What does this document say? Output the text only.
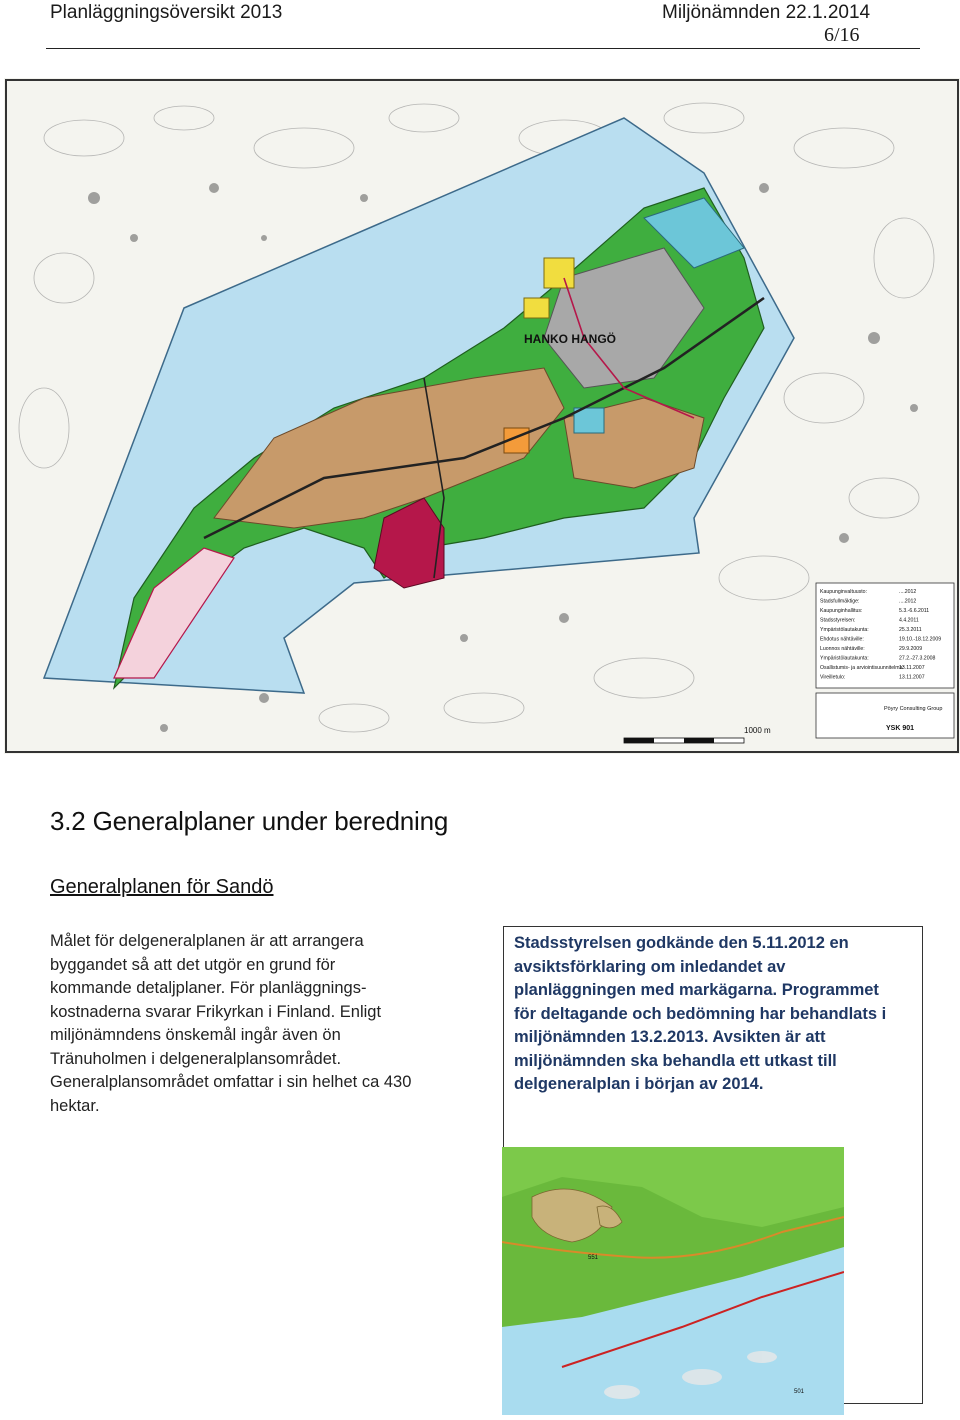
Planläggningsöversikt 2013	Miljönämnden 22.1.2014
6/16
HANKO HANGÖ
Kaupunginvaltuusto:	....2012
Stadsfullmäktige:	....2012
Kaupunginhallitus:	5.3.-6.6.2011
Stadsstyrelsen:	4.4.2011
Ympäristölautakunta:	25.3.2011
Ehdotus nähtäville:	19.10.-18.12.2009
Luonnos nähtäville:	29.9.2009
Ympäristölautakunta:	27.2.-27.3.2008
Osallistumis- ja arviointisuunnitelma:
13.11.2007
Vireilletulo:	13.11.2007
Pöyry Consulting Group
YSK 901
1000 m
3.2 Generalplaner under beredning
Generalplanen för Sandö

Målet för delgeneralplanen är att arrangera
byggandet så att det utgör en grund för
kommande detaljplaner. För planläggnings-
kostnaderna svarar Frikyrkan i Finland. Enligt
miljönämndens önskemål ingår även ön
Tränuholmen i delgeneralplansområdet.
Generalplansområdet omfattar i sin helhet ca 430
hektar.

Stadsstyrelsen godkände den 5.11.2012 en
avsiktsförklaring om inledandet av
planläggningen med markägarna. Programmet
för deltagande och bedömning har behandlats i
miljönämnden 13.2.2013. Avsikten är att
miljönämnden ska behandla ett utkast till
delgeneralplan i början av 2014.

551
501
